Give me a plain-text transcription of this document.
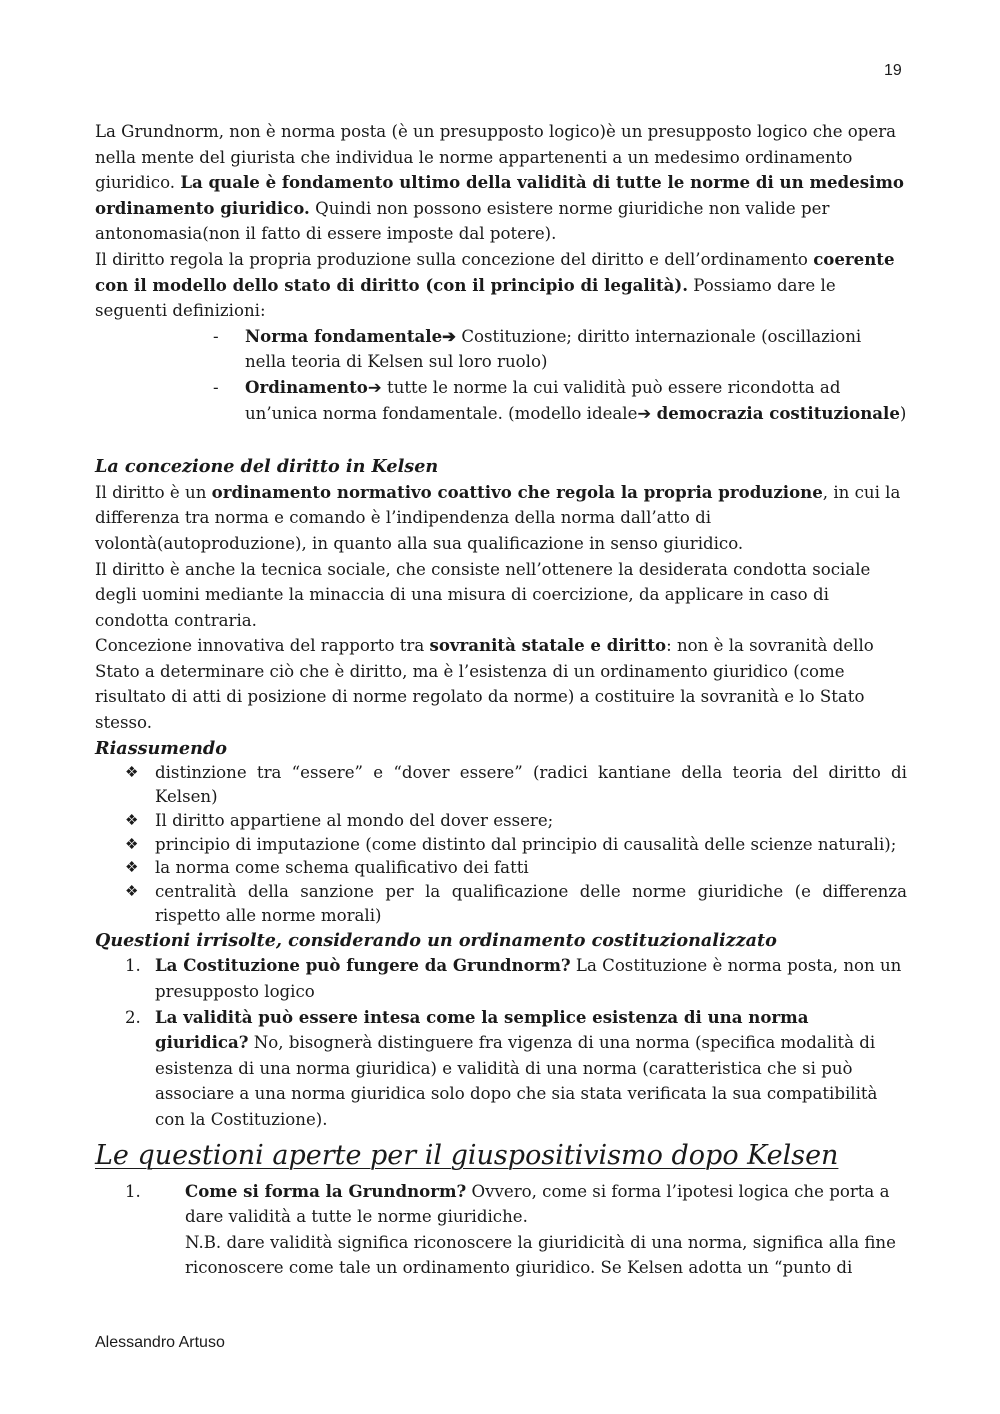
19

La Grundnorm, non è norma posta (è un presupposto logico)è un presupposto logico che opera nella mente del giurista che individua le norme appartenenti a un medesimo ordinamento giuridico. La quale è fondamento ultimo della validità di tutte le norme di un medesimo ordinamento giuridico. Quindi non possono esistere norme giuridiche non valide per antonomasia(non il fatto di essere imposte dal potere).

Il diritto regola la propria produzione sulla concezione del diritto e dell’ordinamento coerente con il modello dello stato di diritto (con il principio di legalità). Possiamo dare le seguenti definizioni:

- Norma fondamentale➔ Costituzione; diritto internazionale (oscillazioni nella teoria di Kelsen sul loro ruolo)
- Ordinamento➔ tutte le norme la cui validità può essere ricondotta ad un’unica norma fondamentale. (modello ideale➔ democrazia costituzionale)

La concezione del diritto in Kelsen

Il diritto è un ordinamento normativo coattivo che regola la propria produzione, in cui la differenza tra norma e comando è l’indipendenza della norma dall’atto di volontà(autoproduzione), in quanto alla sua qualificazione in senso giuridico.

Il diritto è anche la tecnica sociale, che consiste nell’ottenere la desiderata condotta sociale degli uomini mediante la minaccia di una misura di coercizione, da applicare in caso di condotta contraria.

Concezione innovativa del rapporto tra sovranità statale e diritto: non è la sovranità dello Stato a determinare ciò che è diritto, ma è l’esistenza di un ordinamento giuridico (come risultato di atti di posizione di norme regolato da norme) a costituire la sovranità e lo Stato stesso.

Riassumendo

❖ distinzione tra “essere” e “dover essere” (radici kantiane della teoria del diritto di Kelsen)
❖ Il diritto appartiene al mondo del dover essere;
❖ principio di imputazione (come distinto dal principio di causalità delle scienze naturali);
❖ la norma come schema qualificativo dei fatti
❖ centralità della sanzione per la qualificazione delle norme giuridiche (e differenza rispetto alle norme morali)

Questioni irrisolte, considerando un ordinamento costituzionalizzato

1. La Costituzione può fungere da Grundnorm? La Costituzione è norma posta, non un presupposto logico
2. La validità può essere intesa come la semplice esistenza di una norma giuridica? No, bisognerà distinguere fra vigenza di una norma (specifica modalità di esistenza di una norma giuridica) e validità di una norma (caratteristica che si può associare a una norma giuridica solo dopo che sia stata verificata la sua compatibilità con la Costituzione).

Le questioni aperte per il giuspositivismo dopo Kelsen

1.	Come si forma la Grundnorm? Ovvero, come si forma l’ipotesi logica che porta a dare validità a tutte le norme giuridiche.
N.B. dare validità significa riconoscere la giuridicità di una norma, significa alla fine riconoscere come tale un ordinamento giuridico. Se Kelsen adotta un “punto di
Alessandro Artuso
